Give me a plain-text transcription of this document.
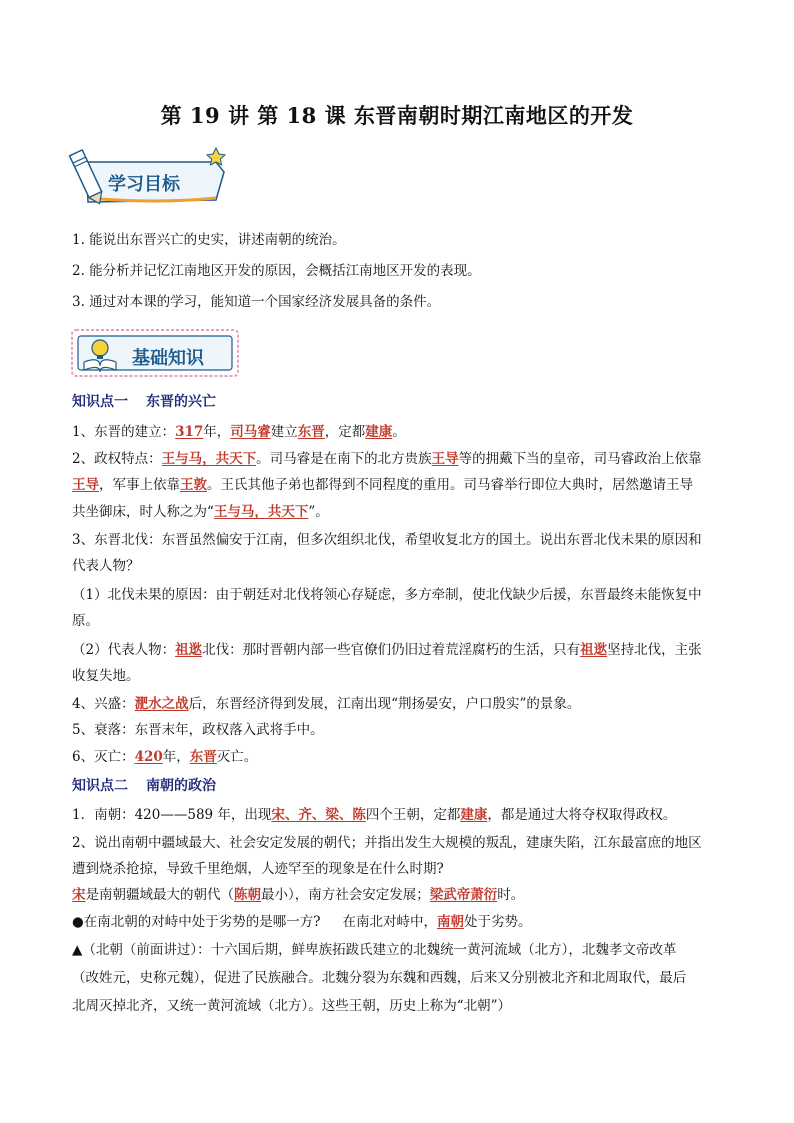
第 19 讲 第 18 课 东晋南朝时期江南地区的开发
学习目标
1. 能说出东晋兴亡的史实，讲述南朝的统治。
2. 能分析并记忆江南地区开发的原因，会概括江南地区开发的表现。
3. 通过对本课的学习，能知道一个国家经济发展具备的条件。
基础知识
知识点一 东晋的兴亡
1、东晋的建立：317年，司马睿建立东晋，定都建康。
2、政权特点：王与马，共天下。司马睿是在南下的北方贵族王导等的拥戴下当的皇帝，司马睿政治上依靠
王导，军事上依靠王敦。王氏其他子弟也都得到不同程度的重用。司马睿举行即位大典时，居然邀请王导
共坐御床，时人称之为“王与马，共天下”。
3、东晋北伐：东晋虽然偏安于江南，但多次组织北伐，希望收复北方的国土。说出东晋北伐未果的原因和
代表人物？
（1）北伐未果的原因：由于朝廷对北伐将领心存疑虑，多方牵制，使北伐缺少后援，东晋最终未能恢复中
原。
（2）代表人物：祖逖北伐：那时晋朝内部一些官僚们仍旧过着荒淫腐朽的生活，只有祖逖坚持北伐，主张
收复失地。
4、兴盛：淝水之战后，东晋经济得到发展，江南出现“荆扬晏安，户口殷实”的景象。
5、衰落：东晋末年，政权落入武将手中。
6、灭亡：420年，东晋灭亡。
知识点二 南朝的政治
1．南朝：420——589 年，出现宋、齐、梁、陈四个王朝，定都建康，都是通过大将夺权取得政权。
2、说出南朝中疆域最大、社会安定发展的朝代；并指出发生大规模的叛乱，建康失陷，江东最富庶的地区
遭到烧杀抢掠，导致千里绝烟，人迹罕至的现象是在什么时期?
宋是南朝疆域最大的朝代（陈朝最小），南方社会安定发展；梁武帝萧衍时。
●在南北朝的对峙中处于劣势的是哪一方? 在南北对峙中，南朝处于劣势。
▲（北朝（前面讲过）：十六国后期，鲜卑族拓跋氏建立的北魏统一黄河流域（北方），北魏孝文帝改革
（改姓元，史称元魏），促进了民族融合。北魏分裂为东魏和西魏，后来又分别被北齐和北周取代，最后
北周灭掉北齐，又统一黄河流域（北方）。这些王朝，历史上称为“北朝”）
